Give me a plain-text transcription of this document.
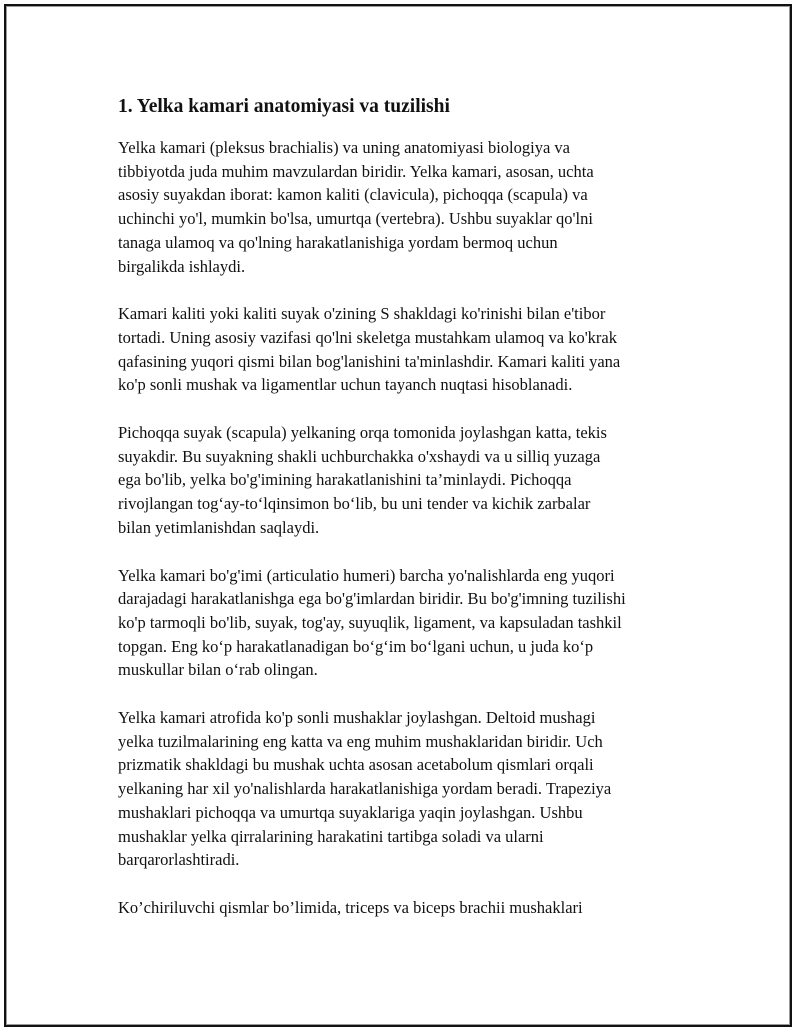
1. Yelka kamari anatomiyasi va tuzilishi

Yelka kamari (pleksus brachialis) va uning anatomiyasi biologiya va
tibbiyotda juda muhim mavzulardan biridir. Yelka kamari, asosan, uchta
asosiy suyakdan iborat: kamon kaliti (clavicula), pichoqqa (scapula) va
uchinchi yo'l, mumkin bo'lsa, umurtqa (vertebra). Ushbu suyaklar qo'lni
tanaga ulamoq va qo'lning harakatlanishiga yordam bermoq uchun
birgalikda ishlaydi.

Kamari kaliti yoki kaliti suyak o'zining S shakldagi ko'rinishi bilan e'tibor
tortadi. Uning asosiy vazifasi qo'lni skeletga mustahkam ulamoq va ko'krak
qafasining yuqori qismi bilan bog'lanishini ta'minlashdir. Kamari kaliti yana
ko'p sonli mushak va ligamentlar uchun tayanch nuqtasi hisoblanadi.

Pichoqqa suyak (scapula) yelkaning orqa tomonida joylashgan katta, tekis
suyakdir. Bu suyakning shakli uchburchakka o'xshaydi va u silliq yuzaga
ega bo'lib, yelka bo'g'imining harakatlanishini ta’minlaydi. Pichoqqa
rivojlangan tog‘ay-to‘lqinsimon bo‘lib, bu uni tender va kichik zarbalar
bilan yetimlanishdan saqlaydi.

Yelka kamari bo'g'imi (articulatio humeri) barcha yo'nalishlarda eng yuqori
darajadagi harakatlanishga ega bo'g'imlardan biridir. Bu bo'g'imning tuzilishi
ko'p tarmoqli bo'lib, suyak, tog'ay, suyuqlik, ligament, va kapsuladan tashkil
topgan. Eng ko‘p harakatlanadigan bo‘g‘im bo‘lgani uchun, u juda ko‘p
muskullar bilan o‘rab olingan.

Yelka kamari atrofida ko'p sonli mushaklar joylashgan. Deltoid mushagi
yelka tuzilmalarining eng katta va eng muhim mushaklaridan biridir. Uch
prizmatik shakldagi bu mushak uchta asosan acetabolum qismlari orqali
yelkaning har xil yo'nalishlarda harakatlanishiga yordam beradi. Trapeziya
mushaklari pichoqqa va umurtqa suyaklariga yaqin joylashgan. Ushbu
mushaklar yelka qirralarining harakatini tartibga soladi va ularni
barqarorlashtiradi.

Ko’chiriluvchi qismlar bo’limida, triceps va biceps brachii mushaklari
